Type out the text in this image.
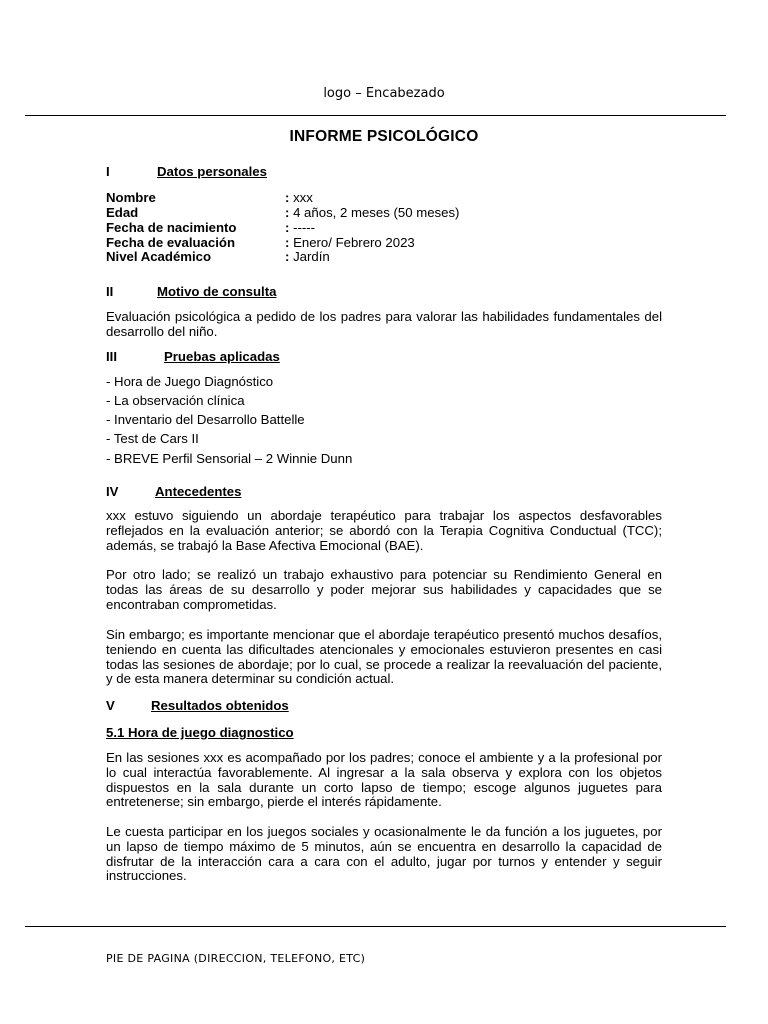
logo – Encabezado
INFORME PSICOLÓGICO
I	Datos personales
Nombre	: xxx
Edad	: 4 años, 2 meses (50 meses)
Fecha de nacimiento	: -----
Fecha de evaluación	: Enero/ Febrero 2023
Nivel Académico	: Jardín
II	Motivo de consulta
Evaluación psicológica a pedido de los padres para valorar las habilidades fundamentales del desarrollo del niño.
III	Pruebas aplicadas
- Hora de Juego Diagnóstico
- La observación clínica
- Inventario del Desarrollo Battelle
- Test de Cars II
- BREVE Perfil Sensorial – 2 Winnie Dunn
IV	Antecedentes
xxx estuvo siguiendo un abordaje terapéutico para trabajar los aspectos desfavorables reflejados en la evaluación anterior; se abordó con la Terapia Cognitiva Conductual (TCC); además, se trabajó la Base Afectiva Emocional (BAE).
Por otro lado; se realizó un trabajo exhaustivo para potenciar su Rendimiento General en todas las áreas de su desarrollo y poder mejorar sus habilidades y capacidades que se encontraban comprometidas.
Sin embargo; es importante mencionar que el abordaje terapéutico presentó muchos desafíos, teniendo en cuenta las dificultades atencionales y emocionales estuvieron presentes en casi todas las sesiones de abordaje; por lo cual, se procede a realizar la reevaluación del paciente, y de esta manera determinar su condición actual.
V	Resultados obtenidos
5.1 Hora de juego diagnostico
En las sesiones xxx es acompañado por los padres; conoce el ambiente y a la profesional por lo cual interactúa favorablemente. Al ingresar a la sala observa y explora con los objetos dispuestos en la sala durante un corto lapso de tiempo; escoge algunos juguetes para entretenerse; sin embargo, pierde el interés rápidamente.
Le cuesta participar en los juegos sociales y ocasionalmente le da función a los juguetes, por un lapso de tiempo máximo de 5 minutos, aún se encuentra en desarrollo la capacidad de disfrutar de la interacción cara a cara con el adulto, jugar por turnos y entender y seguir instrucciones.
PIE DE PAGINA (DIRECCION, TELEFONO, ETC)
